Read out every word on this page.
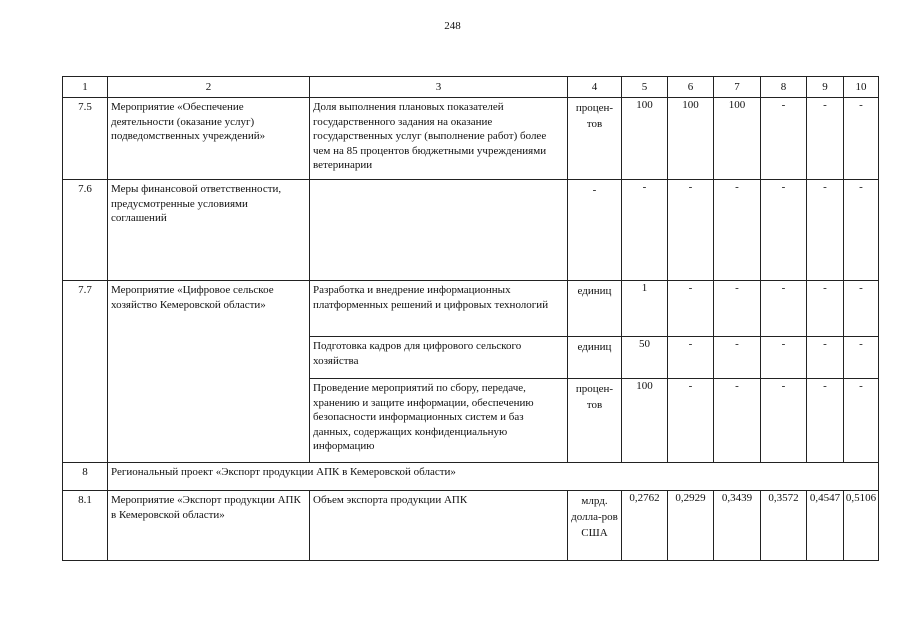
248
1	2	3	4	5	6	7	8	9	10
7.5	Мероприятие «Обеспечение деятельности (оказание услуг) подведомственных учреждений»	Доля выполнения плановых показателей государственного задания на оказание государственных услуг (выполнение работ) более чем на 85 процентов бюджетными учреждениями ветеринарии	процен-тов	100	100	100	-	-	-
7.6	Меры финансовой ответственности, предусмотренные условиями соглашений		-	-	-	-	-	-	-
7.7	Мероприятие «Цифровое сельское хозяйство Кемеровской области»	Разработка и внедрение информационных платформенных решений и цифровых технологий	единиц	1	-	-	-	-	-
		Подготовка кадров для цифрового сельского хозяйства	единиц	50	-	-	-	-	-
		Проведение мероприятий по сбору, передаче, хранению и защите информации, обеспечению безопасности информационных систем и баз данных, содержащих конфиденциальную информацию	процен-тов	100	-	-	-	-	-
8	Региональный проект «Экспорт продукции АПК в Кемеровской области»								
8.1	Мероприятие «Экспорт продукции АПК в Кемеровской области»	Объем экспорта продукции АПК	млрд. долла-ров США	0,2762	0,2929	0,3439	0,3572	0,4547	0,5106
